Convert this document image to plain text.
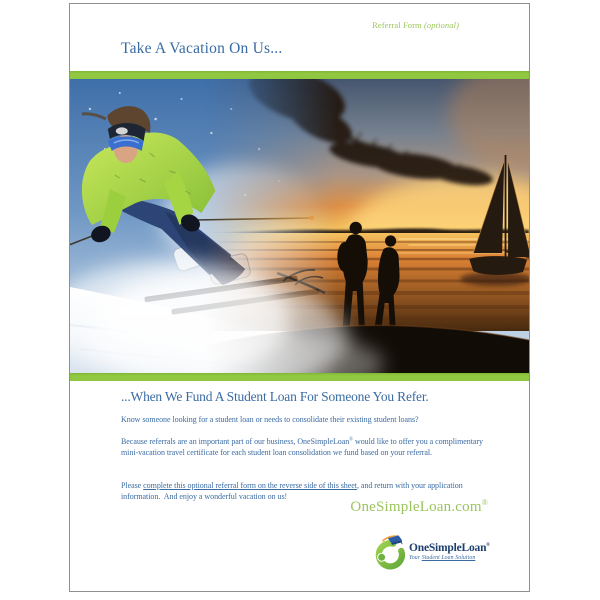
Referral Form (optional)
Take A Vacation On Us...
...When We Fund A Student Loan For Someone You Refer.

Know someone looking for a student loan or needs to consolidate their existing student loans?

Because referrals are an important part of our business, OneSimpleLoan® would like to offer you a complimentary mini-vacation travel certificate for each student loan consolidation we fund based on your referral.

Please complete this optional referral form on the reverse side of this sheet, and return with your application information.  And enjoy a wonderful vacation on us!

OneSimpleLoan.com®
OneSimpleLoan®
Your Student Loan Solution
